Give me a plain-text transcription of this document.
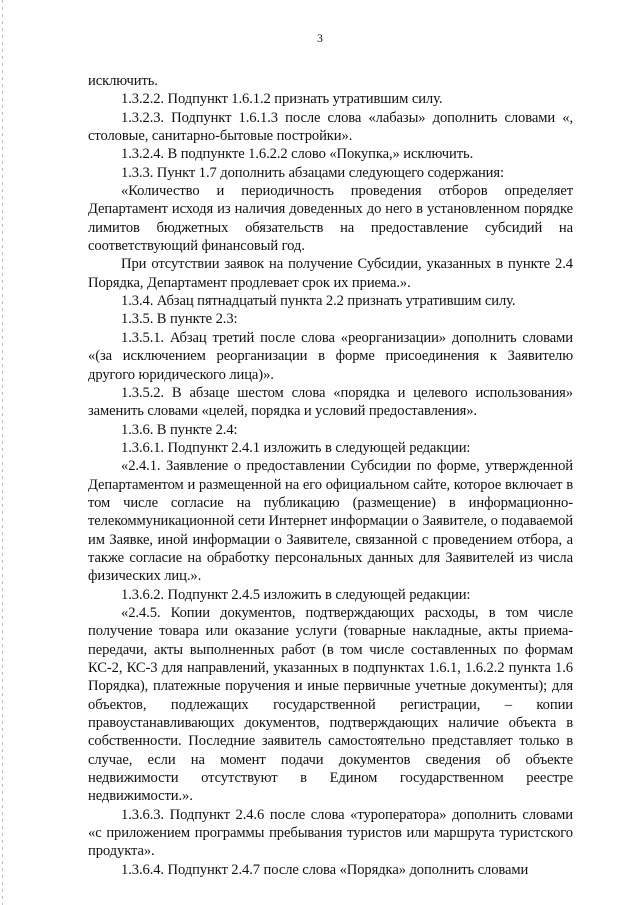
3

исключить.

1.3.2.2. Подпункт 1.6.1.2 признать утратившим силу.

1.3.2.3. Подпункт 1.6.1.3 после слова «лабазы» дополнить словами «, столовые, санитарно-бытовые постройки».

1.3.2.4. В подпункте 1.6.2.2 слово «Покупка,» исключить.

1.3.3. Пункт 1.7 дополнить абзацами следующего содержания:

«Количество и периодичность проведения отборов определяет Департамент исходя из наличия доведенных до него в установленном порядке лимитов бюджетных обязательств на предоставление субсидий на соответствующий финансовый год.

При отсутствии заявок на получение Субсидии, указанных в пункте 2.4 Порядка, Департамент продлевает срок их приема.».

1.3.4. Абзац пятнадцатый пункта 2.2 признать утратившим силу.

1.3.5. В пункте 2.3:

1.3.5.1. Абзац третий после слова «реорганизации» дополнить словами «(за исключением реорганизации в форме присоединения к Заявителю другого юридического лица)».

1.3.5.2. В абзаце шестом слова «порядка и целевого использования» заменить словами «целей, порядка и условий предоставления».

1.3.6. В пункте 2.4:

1.3.6.1. Подпункт 2.4.1 изложить в следующей редакции:

«2.4.1. Заявление о предоставлении Субсидии по форме, утвержденной Департаментом и размещенной на его официальном сайте, которое включает в том числе согласие на публикацию (размещение) в информационно-телекоммуникационной сети Интернет информации о Заявителе, о подаваемой им Заявке, иной информации о Заявителе, связанной с проведением отбора, а также согласие на обработку персональных данных для Заявителей из числа физических лиц.».

1.3.6.2. Подпункт 2.4.5 изложить в следующей редакции:

«2.4.5. Копии документов, подтверждающих расходы, в том числе получение товара или оказание услуги (товарные накладные, акты приема-передачи, акты выполненных работ (в том числе составленных по формам КС-2, КС-3 для направлений, указанных в подпунктах 1.6.1, 1.6.2.2 пункта 1.6 Порядка), платежные поручения и иные первичные учетные документы); для объектов, подлежащих государственной регистрации, – копии правоустанавливающих документов, подтверждающих наличие объекта в собственности. Последние заявитель самостоятельно представляет только в случае, если на момент подачи документов сведения об объекте недвижимости отсутствуют в Едином государственном реестре недвижимости.».

1.3.6.3. Подпункт 2.4.6 после слова «туроператора» дополнить словами «с приложением программы пребывания туристов или маршрута туристского продукта».

1.3.6.4. Подпункт 2.4.7 после слова «Порядка» дополнить словами
